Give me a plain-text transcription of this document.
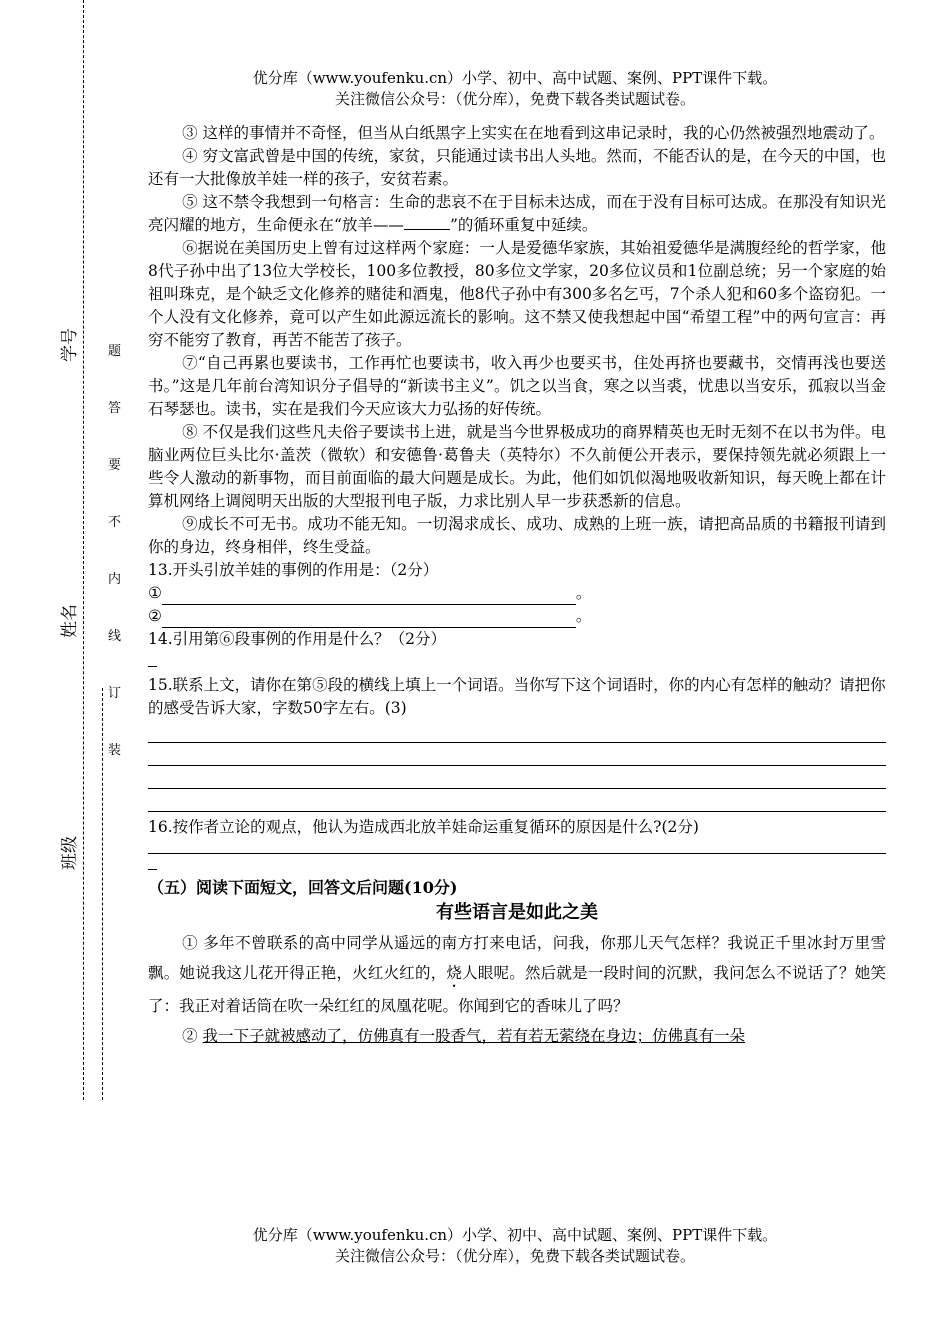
学号
姓名
班级
题
答
要
不
内
线
订
装
优分库（www.youfenku.cn）小学、初中、高中试题、案例、PPT课件下载。
关注微信公众号：（优分库），免费下载各类试题试卷。

③ 这样的事情并不奇怪，但当从白纸黑字上实实在在地看到这串记录时，我的心仍然被强烈地震动了。

④ 穷文富武曾是中国的传统，家贫，只能通过读书出人头地。然而，不能否认的是，在今天的中国，也还有一大批像放羊娃一样的孩子，安贫若素。

⑤ 这不禁令我想到一句格言：生命的悲哀不在于目标未达成，而在于没有目标可达成。在那没有知识光亮闪耀的地方，生命便永在“放羊——	”的循环重复中延续。

⑥据说在美国历史上曾有过这样两个家庭：一人是爱德华家族，其始祖爱德华是满腹经纶的哲学家，他8代子孙中出了13位大学校长，100多位教授，80多位文学家，20多位议员和1位副总统；另一个家庭的始祖叫珠克，是个缺乏文化修养的赌徒和酒鬼，他8代子孙中有300多名乞丐，7个杀人犯和60多个盗窃犯。一个人没有文化修养，竟可以产生如此源远流长的影响。这不禁又使我想起中国“希望工程”中的两句宣言：再穷不能穷了教育，再苦不能苦了孩子。

⑦“自己再累也要读书，工作再忙也要读书，收入再少也要买书，住处再挤也要藏书，交情再浅也要送书。”这是几年前台湾知识分子倡导的“新读书主义”。饥之以当食，寒之以当裘，忧患以当安乐，孤寂以当金石琴瑟也。读书，实在是我们今天应该大力弘扬的好传统。

⑧ 不仅是我们这些凡夫俗子要读书上进，就是当今世界极成功的商界精英也无时无刻不在以书为伴。电脑业两位巨头比尔·盖茨（微软）和安德鲁·葛鲁夫（英特尔）不久前便公开表示，要保持领先就必须跟上一些令人激动的新事物，而目前面临的最大问题是成长。为此，他们如饥似渴地吸收新知识，每天晚上都在计算机网络上调阅明天出版的大型报刊电子版，力求比别人早一步获悉新的信息。

⑨成长不可无书。成功不能无知。一切渴求成长、成功、成熟的上班一族，请把高品质的书籍报刊请到你的身边，终身相伴，终生受益。

13.开头引放羊娃的事例的作用是：（2分）

①	。

②	。

14.引用第⑥段事例的作用是什么？（2分）

15.联系上文，请你在第⑤段的横线上填上一个词语。当你写下这个词语时，你的内心有怎样的触动？请把你的感受告诉大家，字数50字左右。(3)

16.按作者立论的观点，他认为造成西北放羊娃命运重复循环的原因是什么?(2分)

（五）阅读下面短文，回答文后问题(10分)

有些语言是如此之美

① 多年不曾联系的高中同学从遥远的南方打来电话，问我，你那儿天气怎样？我说正千里冰封万里雪飘。她说我这儿花开得正艳，火红火红的，烧人眼呢。然后就是一段时间的沉默，我问怎么不说话了？她笑了：我正对着话筒在吹一朵红红的凤凰花呢。你闻到它的香味儿了吗？

② 我一下子就被感动了，仿佛真有一股香气，若有若无萦绕在身边；仿佛真有一朵

优分库（www.youfenku.cn）小学、初中、高中试题、案例、PPT课件下载。
关注微信公众号：（优分库），免费下载各类试题试卷。
